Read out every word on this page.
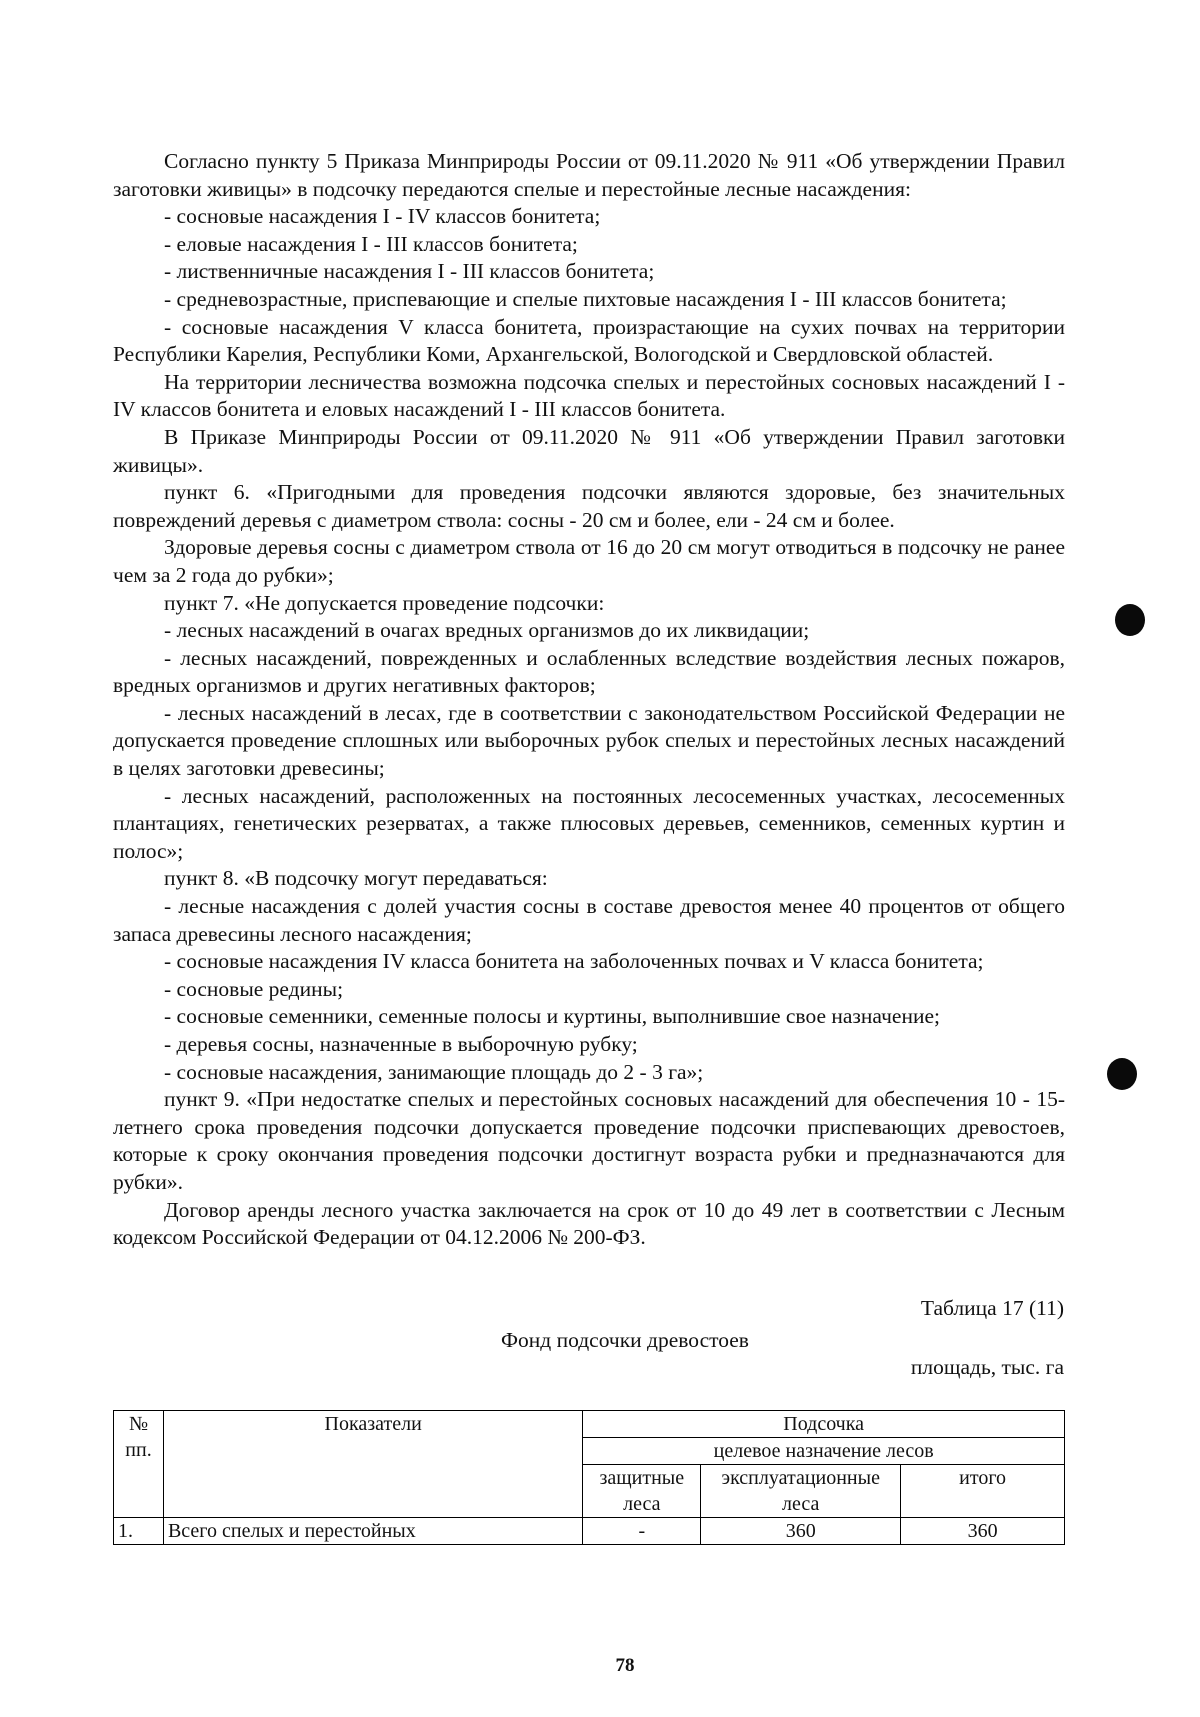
Согласно пункту 5 Приказа Минприроды России от 09.11.2020 № 911 «Об утверждении Правил заготовки живицы» в подсочку передаются спелые и перестойные лесные насаждения:

- сосновые насаждения I - IV классов бонитета;

- еловые насаждения I - III классов бонитета;

- лиственничные насаждения I - III классов бонитета;

- средневозрастные, приспевающие и спелые пихтовые насаждения I - III классов бонитета;

- сосновые насаждения V класса бонитета, произрастающие на сухих почвах на территории Республики Карелия, Республики Коми, Архангельской, Вологодской и Свердловской областей.

На территории лесничества возможна подсочка спелых и перестойных сосновых насаждений I - IV классов бонитета и еловых насаждений I - III классов бонитета.

В Приказе Минприроды России от 09.11.2020 № 911 «Об утверждении Правил заготовки живицы».

пункт 6. «Пригодными для проведения подсочки являются здоровые, без значительных повреждений деревья с диаметром ствола: сосны - 20 см и более, ели - 24 см и более.

Здоровые деревья сосны с диаметром ствола от 16 до 20 см могут отводиться в подсочку не ранее чем за 2 года до рубки»;

пункт 7. «Не допускается проведение подсочки:

- лесных насаждений в очагах вредных организмов до их ликвидации;

- лесных насаждений, поврежденных и ослабленных вследствие воздействия лесных пожаров, вредных организмов и других негативных факторов;

- лесных насаждений в лесах, где в соответствии с законодательством Российской Федерации не допускается проведение сплошных или выборочных рубок спелых и перестойных лесных насаждений в целях заготовки древесины;

- лесных насаждений, расположенных на постоянных лесосеменных участках, лесосеменных плантациях, генетических резерватах, а также плюсовых деревьев, семенников, семенных куртин и полос»;

пункт 8. «В подсочку могут передаваться:

- лесные насаждения с долей участия сосны в составе древостоя менее 40 процентов от общего запаса древесины лесного насаждения;

- сосновые насаждения IV класса бонитета на заболоченных почвах и V класса бонитета;

- сосновые редины;

- сосновые семенники, семенные полосы и куртины, выполнившие свое назначение;

- деревья сосны, назначенные в выборочную рубку;

- сосновые насаждения, занимающие площадь до 2 - 3 га»;

пункт 9. «При недостатке спелых и перестойных сосновых насаждений для обеспечения 10 - 15-летнего срока проведения подсочки допускается проведение подсочки приспевающих древостоев, которые к сроку окончания проведения подсочки достигнут возраста рубки и предназначаются для рубки».

Договор аренды лесного участка заключается на срок от 10 до 49 лет в соответствии с Лесным кодексом Российской Федерации от 04.12.2006 № 200-ФЗ.

Таблица 17 (11)
Фонд подсочки древостоев
площадь, тыс. га
№ пп.	Показатели	Подсочка		
		целевое назначение лесов		
		защитные леса	эксплуатационные леса	итого
1.	Всего спелых и перестойных	-	360	360
78
